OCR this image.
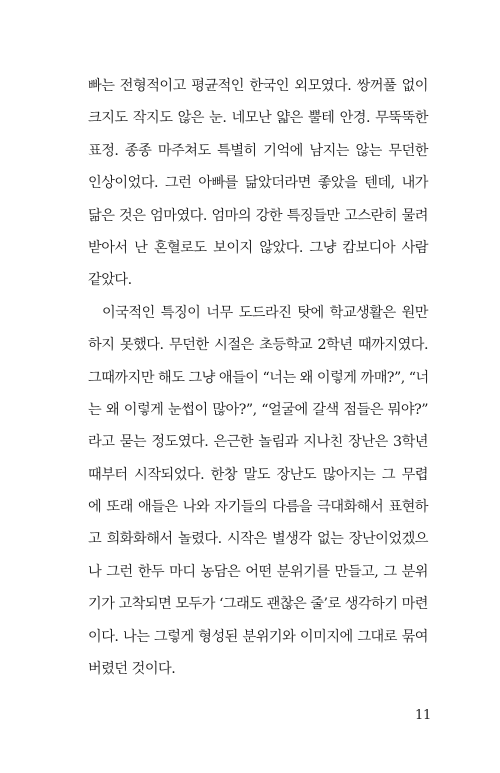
빠는 전형적이고 평균적인 한국인 외모였다. 쌍꺼풀 없이
크지도 작지도 않은 눈. 네모난 얇은 뿔테 안경. 무뚝뚝한
표정. 종종 마주쳐도 특별히 기억에 남지는 않는 무던한
인상이었다. 그런 아빠를 닮았더라면 좋았을 텐데, 내가
닮은 것은 엄마였다. 엄마의 강한 특징들만 고스란히 물려
받아서 난 혼혈로도 보이지 않았다. 그냥 캄보디아 사람
같았다.
이국적인 특징이 너무 도드라진 탓에 학교생활은 원만
하지 못했다. 무던한 시절은 초등학교 2학년 때까지였다.
그때까지만 해도 그냥 애들이 “너는 왜 이렇게 까매?”, “너
는 왜 이렇게 눈썹이 많아?”, “얼굴에 갈색 점들은 뭐야?”
라고 묻는 정도였다. 은근한 놀림과 지나친 장난은 3학년
때부터 시작되었다. 한창 말도 장난도 많아지는 그 무렵
에 또래 애들은 나와 자기들의 다름을 극대화해서 표현하
고 희화화해서 놀렸다. 시작은 별생각 없는 장난이었겠으
나 그런 한두 마디 농담은 어떤 분위기를 만들고, 그 분위
기가 고착되면 모두가 ‘그래도 괜찮은 줄’로 생각하기 마련
이다. 나는 그렇게 형성된 분위기와 이미지에 그대로 묶여
버렸던 것이다.
11
